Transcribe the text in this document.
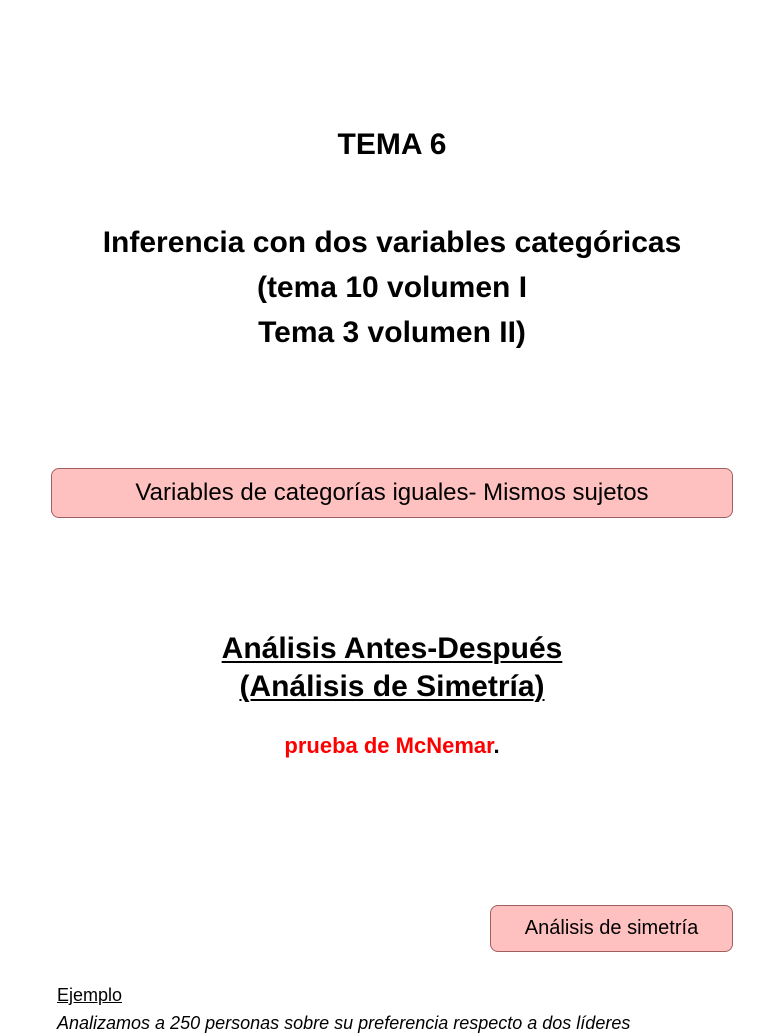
TEMA 6
Inferencia con dos variables categóricas
(tema 10 volumen I
Tema 3 volumen II)
Variables de categorías iguales- Mismos sujetos
Análisis Antes-Después
(Análisis de Simetría)
prueba de McNemar.
Análisis de simetría
Ejemplo
Analizamos a 250 personas sobre su preferencia respecto a dos líderes
